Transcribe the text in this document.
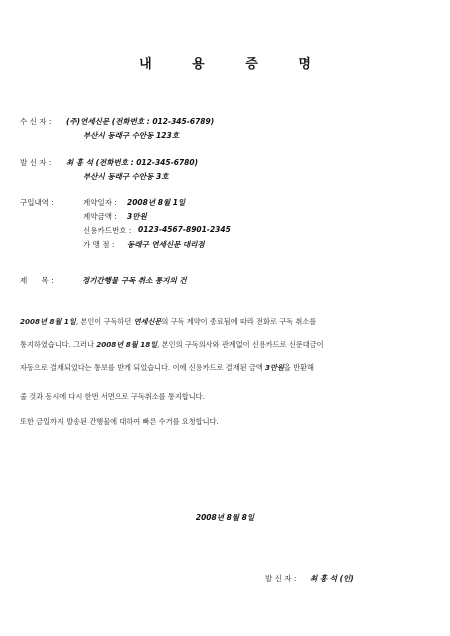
내 용 증 명
수 신 자 : (주)연세신문 (전화번호 : 012-345-6789)
부산시 동래구 수안동 123호
발 신 자 : 최 홍 석 (전화번호 : 012-345-6780)
부산시 동래구 수안동 3호
구입내역 :	계약일자 : 2008년 8월 1일
계약금액 : 3만원
신용카드번호 : 0123-4567-8901-2345
가 맹 점 : 동래구 연세신문 대리점
제      목 :	정기간행물 구독 취소 통지의 건
2008년 8월 1일, 본인이 구독하던 연세신문의 구독 계약이 종료됨에 따라 전화로 구독 취소를
통지하였습니다. 그러나 2008년 8월 18일, 본인의 구독의사와 관계없이 신용카드로 신문대금이
자동으로 결재되었다는 통보를 받게 되었습니다. 이에 신용카드로 결재된 금액 3만원을 반환해
줄 것과 동시에 다시 한번 서면으로 구독취소를 통지합니다.
또한 금일까지 발송된 간행물에 대하여 빠른 수거를 요청합니다.
2008년 8월 8일
발 신 자 : 최 홍 석 (인)
